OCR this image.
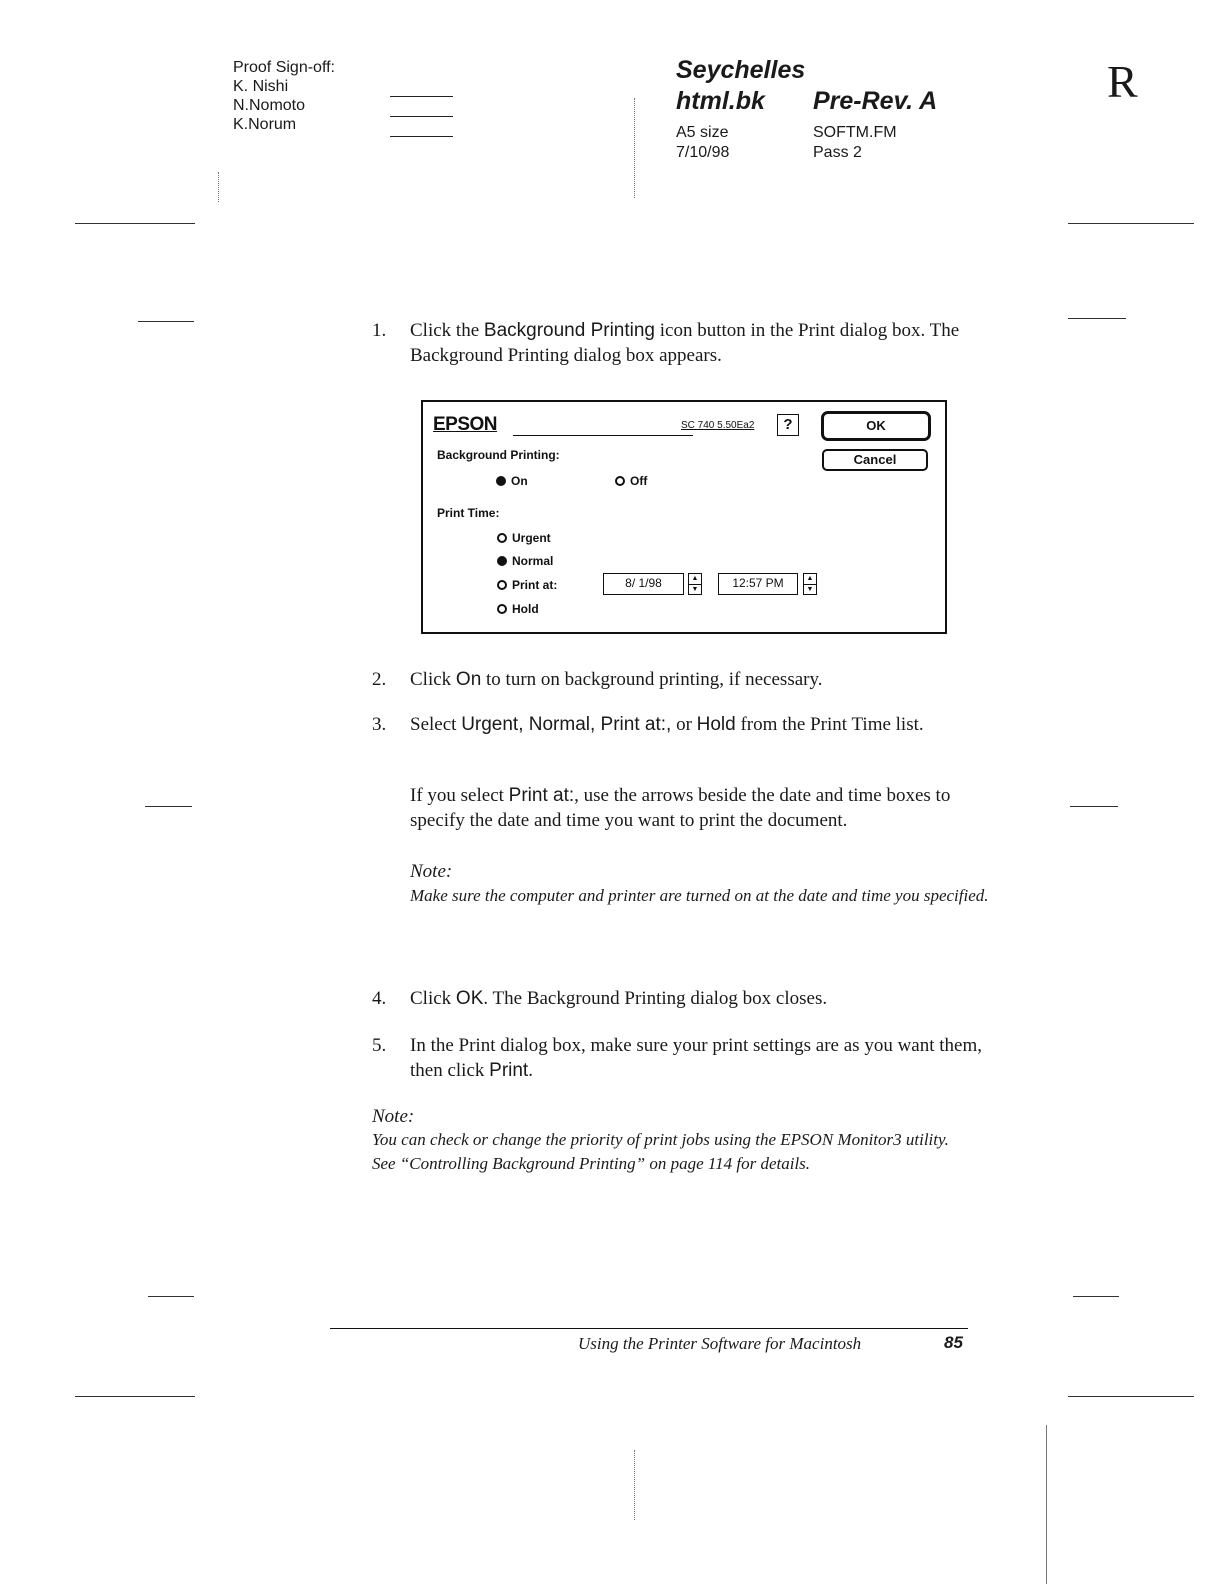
Proof Sign-off:
K. Nishi
N.Nomoto
K.Norum
Seychelles
html.bk Pre-Rev. A
A5 size
7/10/98
SOFTM.FM
Pass 2
R
1. Click the Background Printing icon button in the Print dialog box. The Background Printing dialog box appears.
EPSON	SC 740 5.50Ea2	?	OK
Cancel
Background Printing:
On	Off
Print Time:
Urgent
Normal
Print at:
Hold
8/ 1/98	▲
▼	12:57 PM	▲
▼
2. Click On to turn on background printing, if necessary.
3. Select Urgent, Normal, Print at:, or Hold from the Print Time list.
If you select Print at:, use the arrows beside the date and time boxes to specify the date and time you want to print the document.
Note:
Make sure the computer and printer are turned on at the date and time you specified.
4. Click OK. The Background Printing dialog box closes.
5. In the Print dialog box, make sure your print settings are as you want them, then click Print.
Note:
You can check or change the priority of print jobs using the EPSON Monitor3 utility. See “Controlling Background Printing” on page 114 for details.
Using the Printer Software for Macintosh	85
